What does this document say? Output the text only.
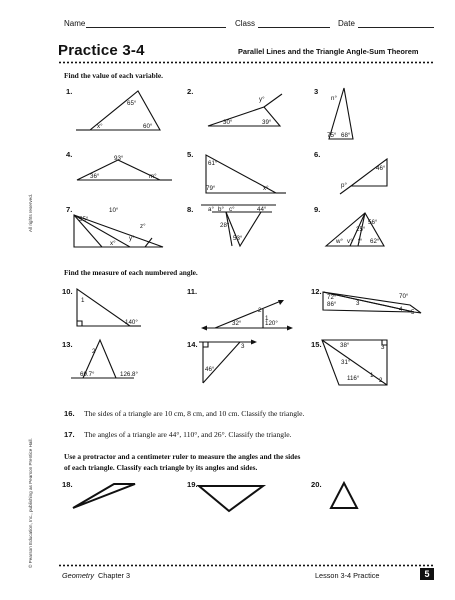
Name	Class	Date
Practice 3-4	Parallel Lines and the Triangle Angle-Sum Theorem
All rights reserved.
© Pearson Education, Inc., publishing as Pearson Prentice Hall.
Find the value of each variable.
1.	2.	3
4.	5.	6.
7.	8.	9.
Find the measure of each numbered angle.
10.	11.	12.
13.	14.	15.
16. The sides of a triangle are 10 cm, 8 cm, and 10 cm. Classify the triangle.
17. The angles of a triangle are 44°, 110°, and 26°. Classify the triangle.
Use a protractor and a centimeter ruler to measure the angles and the sides
of each triangle. Classify each triangle by its angles and sides.
18.	19.	20.
65°
x°	60°
y°
30°	39°
n°
75° 68°
93°
36°	m°
61°
79°	x°
46°
p°
10°
55°
z°
x°
y°
a° b° c°	44°
28°
53°
56°
25°
w° v° t° 62°
1
140°
2
1
32°	120°
72°
86°
70°
3
4 5
2
69.7°	126.8°
3
46°
38°	3
31°
116° 1
2
Geometry Chapter 3	Lesson 3-4 Practice	5
